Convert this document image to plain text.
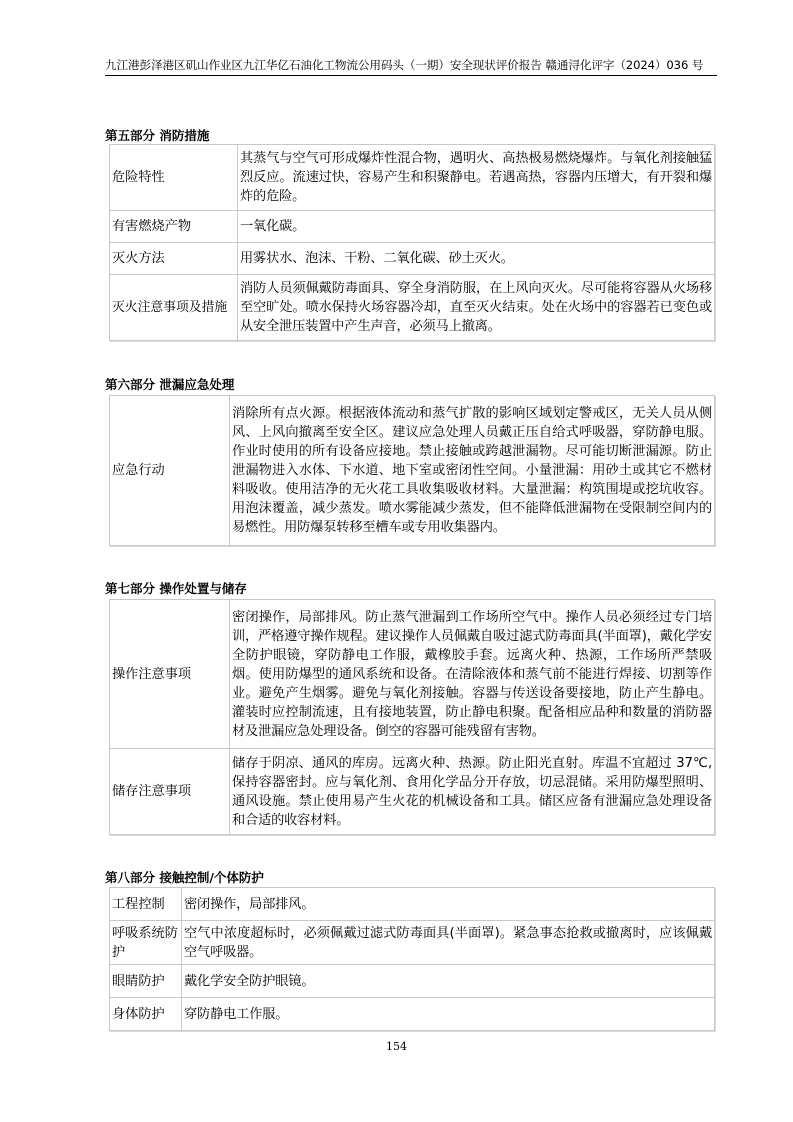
九江港彭泽港区矶山作业区九江华亿石油化工物流公用码头（一期）安全现状评价报告 赣通浔化评字（2024）036 号
第五部分 消防措施
危险特性	其蒸气与空气可形成爆炸性混合物，遇明火、高热极易燃烧爆炸。与氧化剂接触猛烈反应。流速过快，容易产生和积聚静电。若遇高热，容器内压增大，有开裂和爆炸的危险。
有害燃烧产物	一氧化碳。
灭火方法	用雾状水、泡沫、干粉、二氧化碳、砂土灭火。
灭火注意事项及措施	消防人员须佩戴防毒面具、穿全身消防服，在上风向灭火。尽可能将容器从火场移至空旷处。喷水保持火场容器冷却，直至灭火结束。处在火场中的容器若已变色或从安全泄压装置中产生声音，必须马上撤离。
第六部分 泄漏应急处理
应急行动	消除所有点火源。根据液体流动和蒸气扩散的影响区域划定警戒区，无关人员从侧风、上风向撤离至安全区。建议应急处理人员戴正压自给式呼吸器，穿防静电服。作业时使用的所有设备应接地。禁止接触或跨越泄漏物。尽可能切断泄漏源。防止泄漏物进入水体、下水道、地下室或密闭性空间。小量泄漏：用砂土或其它不燃材料吸收。使用洁净的无火花工具收集吸收材料。大量泄漏：构筑围堤或挖坑收容。用泡沫覆盖，减少蒸发。喷水雾能减少蒸发，但不能降低泄漏物在受限制空间内的易燃性。用防爆泵转移至槽车或专用收集器内。
第七部分 操作处置与储存
操作注意事项	密闭操作，局部排风。防止蒸气泄漏到工作场所空气中。操作人员必须经过专门培训，严格遵守操作规程。建议操作人员佩戴自吸过滤式防毒面具(半面罩)，戴化学安全防护眼镜，穿防静电工作服，戴橡胶手套。远离火种、热源，工作场所严禁吸烟。使用防爆型的通风系统和设备。在清除液体和蒸气前不能进行焊接、切割等作业。避免产生烟雾。避免与氧化剂接触。容器与传送设备要接地，防止产生静电。灌装时应控制流速，且有接地装置，防止静电积聚。配备相应品种和数量的消防器材及泄漏应急处理设备。倒空的容器可能残留有害物。
储存注意事项	储存于阴凉、通风的库房。远离火种、热源。防止阳光直射。库温不宜超过 37℃,保持容器密封。应与氧化剂、食用化学品分开存放，切忌混储。采用防爆型照明、通风设施。禁止使用易产生火花的机械设备和工具。储区应备有泄漏应急处理设备和合适的收容材料。
第八部分 接触控制/个体防护
工程控制	密闭操作，局部排风。
呼吸系统防护	空气中浓度超标时，必须佩戴过滤式防毒面具(半面罩)。紧急事态抢救或撤离时，应该佩戴空气呼吸器。
眼睛防护	戴化学安全防护眼镜。
身体防护	穿防静电工作服。
154
